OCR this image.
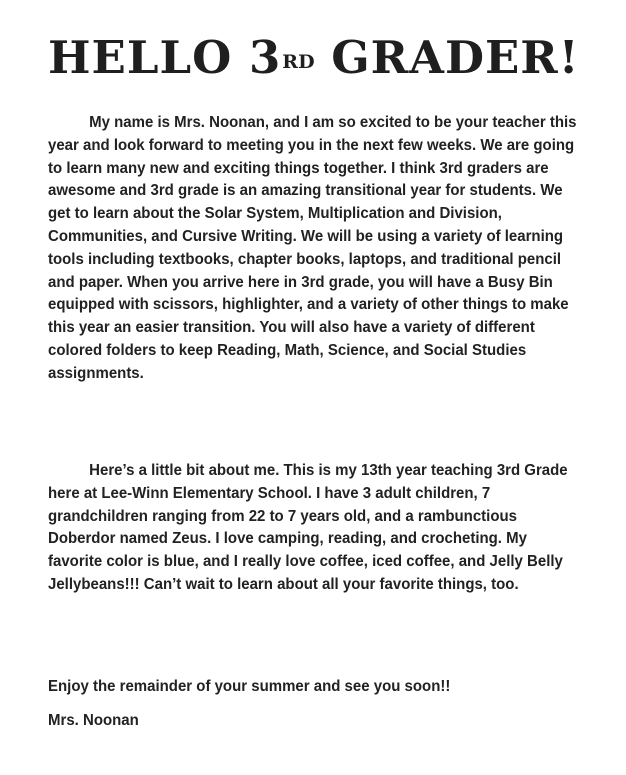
HELLO 3RD GRADER!

My name is Mrs. Noonan, and I am so excited to be your teacher this year and look forward to meeting you in the next few weeks. We are going to learn many new and exciting things together. I think 3rd graders are awesome and 3rd grade is an amazing transitional year for students. We get to learn about the Solar System, Multiplication and Division, Communities, and Cursive Writing. We will be using a variety of learning tools including textbooks, chapter books, laptops, and traditional pencil and paper. When you arrive here in 3rd grade, you will have a Busy Bin equipped with scissors, highlighter, and a variety of other things to make this year an easier transition. You will also have a variety of different colored folders to keep Reading, Math, Science, and Social Studies assignments.

Here’s a little bit about me. This is my 13th year teaching 3rd Grade here at Lee-Winn Elementary School. I have 3 adult children, 7 grandchildren ranging from 22 to 7 years old, and a rambunctious Doberdor named Zeus. I love camping, reading, and crocheting. My favorite color is blue, and I really love coffee, iced coffee, and Jelly Belly Jellybeans!!! Can’t wait to learn about all your favorite things, too.

Enjoy the remainder of your summer and see you soon!!

Mrs. Noonan
